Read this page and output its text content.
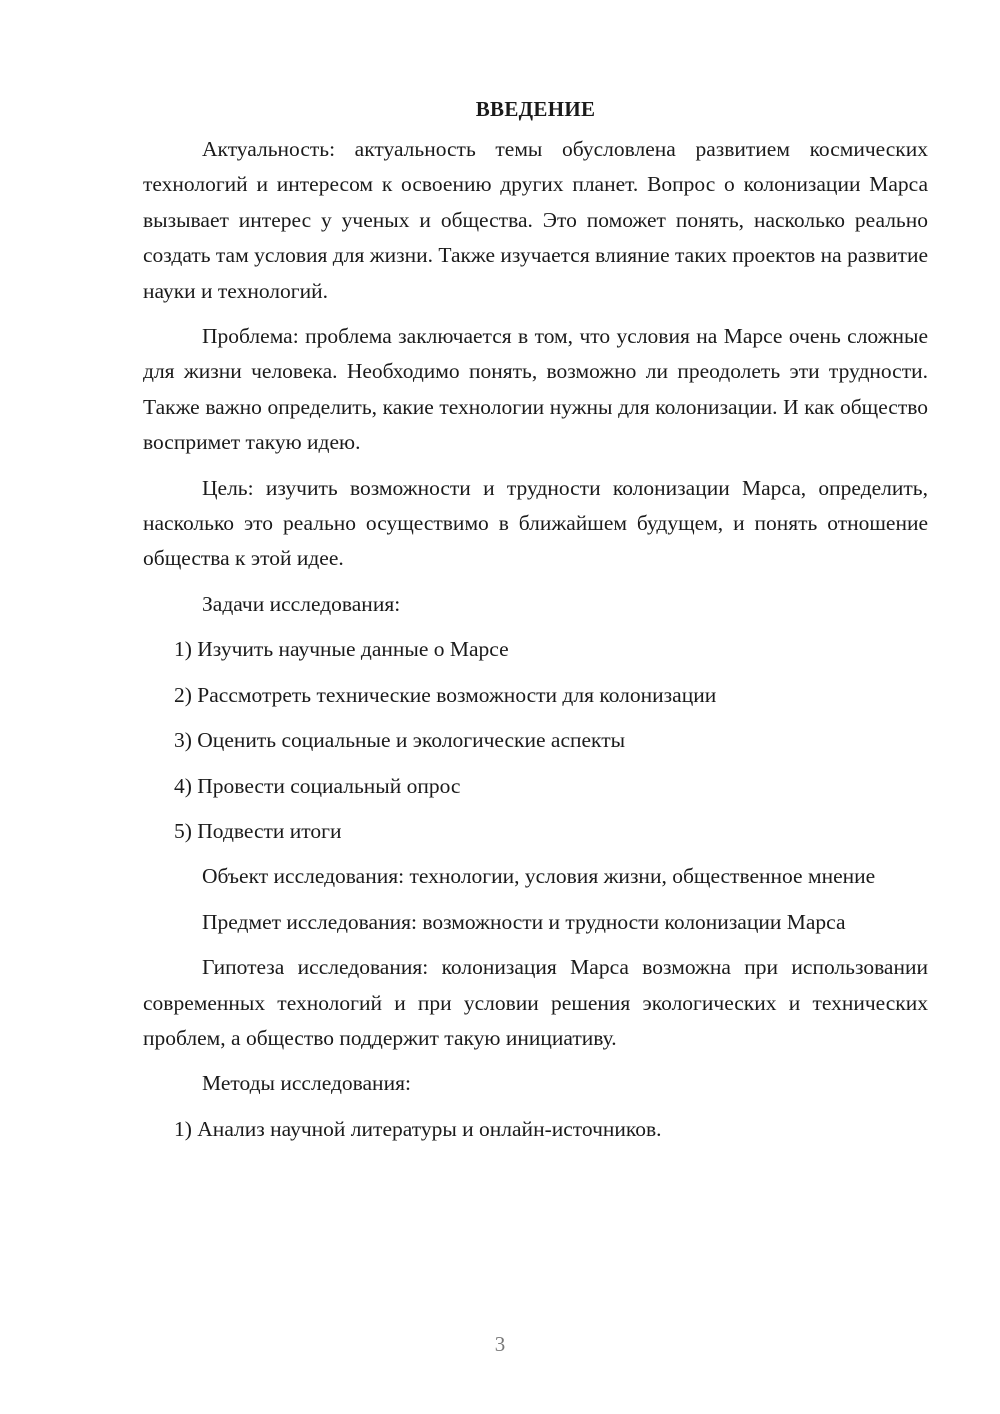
ВВЕДЕНИЕ

Актуальность: актуальность темы обусловлена развитием космических технологий и интересом к освоению других планет. Вопрос о колонизации Марса вызывает интерес у ученых и общества. Это поможет понять, насколько реально создать там условия для жизни. Также изучается влияние таких проектов на развитие науки и технологий.

Проблема: проблема заключается в том, что условия на Марсе очень сложные для жизни человека. Необходимо понять, возможно ли преодолеть эти трудности. Также важно определить, какие технологии нужны для колонизации. И как общество воспримет такую идею.

Цель: изучить возможности и трудности колонизации Марса, определить, насколько это реально осуществимо в ближайшем будущем, и понять отношение общества к этой идее.

Задачи исследования:

1) Изучить научные данные о Марсе
2) Рассмотреть технические возможности для колонизации
3) Оценить социальные и экологические аспекты
4) Провести социальный опрос
5) Подвести итоги

Объект исследования: технологии, условия жизни, общественное мнение

Предмет исследования: возможности и трудности колонизации Марса

Гипотеза исследования: колонизация Марса возможна при использовании современных технологий и при условии решения экологических и технических проблем, а общество поддержит такую инициативу.

Методы исследования:

1) Анализ научной литературы и онлайн-источников.
3
